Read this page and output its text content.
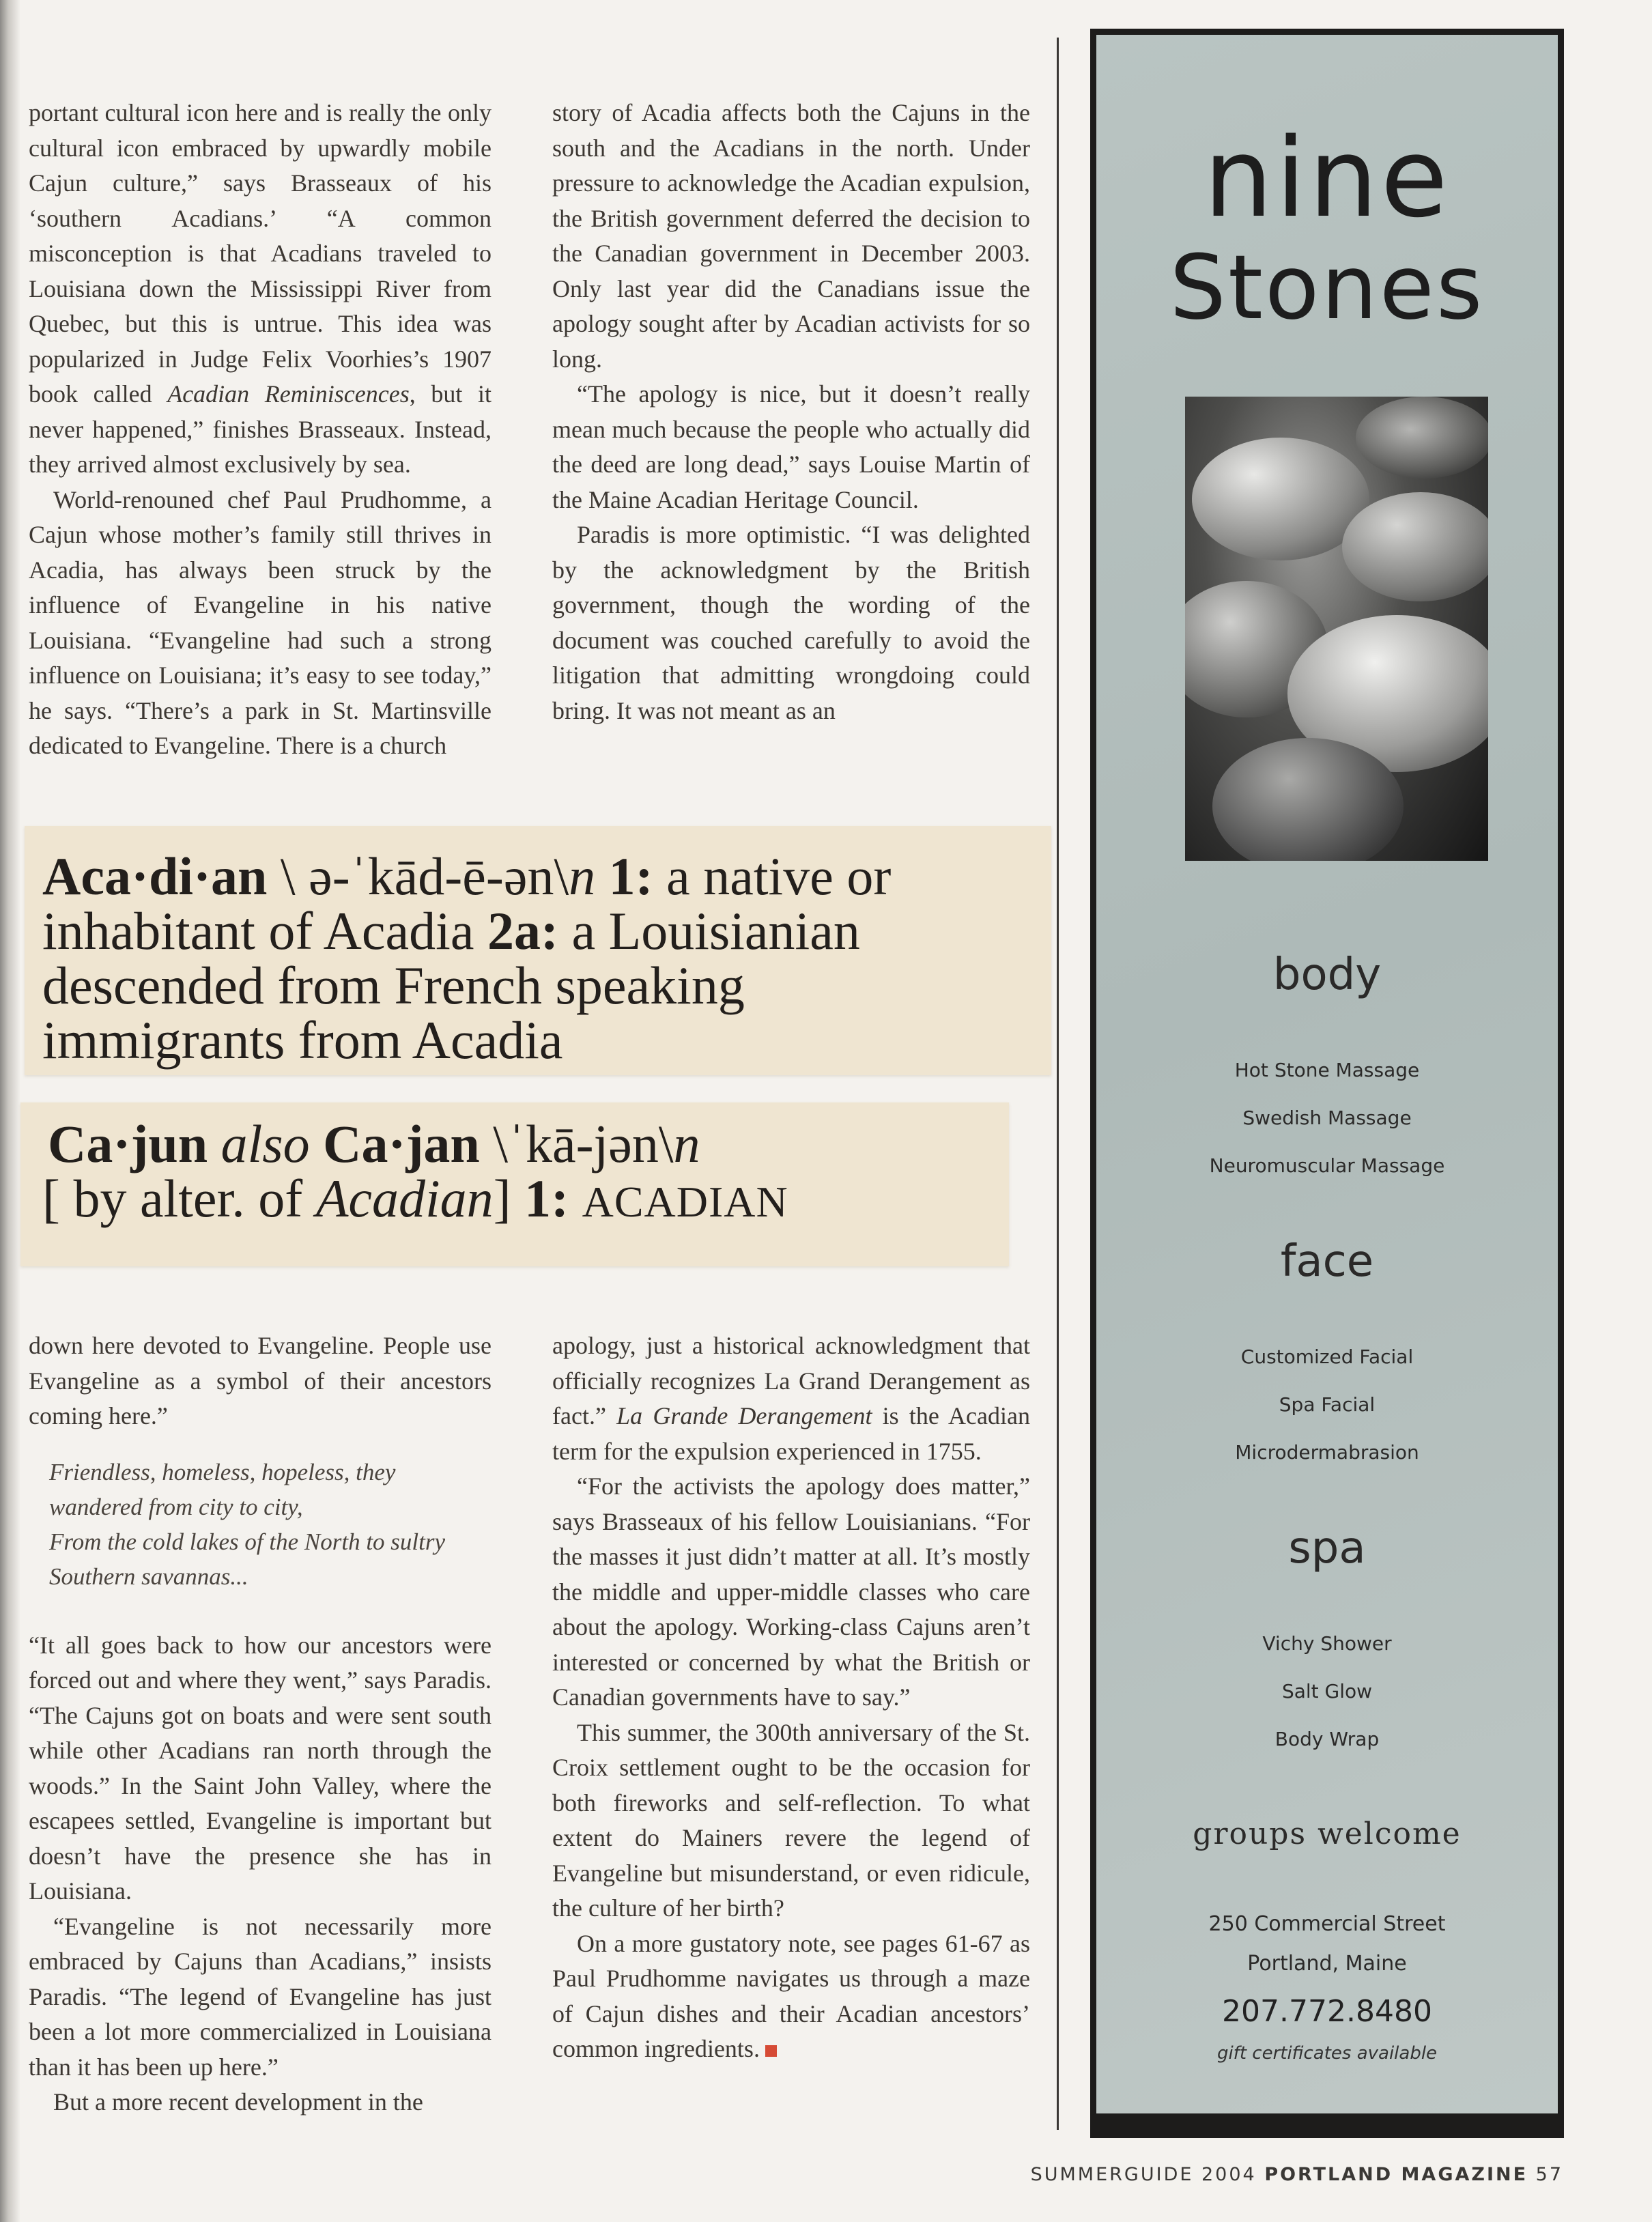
portant cultural icon here and is really the only cultural icon embraced by upwardly mobile Cajun culture,” says Brasseaux of his ‘southern Acadians.’ “A common misconception is that Acadians traveled to Louisiana down the Mississippi River from Quebec, but this is untrue. This idea was popularized in Judge Felix Voorhies’s 1907 book called Acadian Reminiscences, but it never happened,” finishes Brasseaux. Instead, they arrived almost exclusively by sea.

World-renouned chef Paul Prudhomme, a Cajun whose mother’s family still thrives in Acadia, has always been struck by the influence of Evangeline in his native Louisiana. “Evangeline had such a strong influence on Louisiana; it’s easy to see today,” he says. “There’s a park in St. Martinsville dedicated to Evangeline. There is a church

story of Acadia affects both the Cajuns in the south and the Acadians in the north. Under pressure to acknowledge the Acadian expulsion, the British government deferred the decision to the Canadian government in December 2003. Only last year did the Canadians issue the apology sought after by Acadian activists for so long.

“The apology is nice, but it doesn’t really mean much because the people who actually did the deed are long dead,” says Louise Martin of the Maine Acadian Heritage Council.

Paradis is more optimistic. “I was delighted by the acknowledgment by the British government, though the wording of the document was couched carefully to avoid the litigation that admitting wrongdoing could bring. It was not meant as an

Aca·di·an \ ə-ˈkād-ē-ən\n 1: a native or
inhabitant of Acadia 2a: a Louisianian
descended from French speaking
immigrants from Acadia
Ca·jun also Ca·jan \ˈkā-jən\n
[ by alter. of Acadian] 1: ACADIAN

down here devoted to Evangeline. People use Evangeline as a symbol of their ancestors coming here.”

Friendless, homeless, hopeless, they
wandered from city to city,
From the cold lakes of the North to sultry
Southern savannas...

“It all goes back to how our ancestors were forced out and where they went,” says Paradis. “The Cajuns got on boats and were sent south while other Acadians ran north through the woods.” In the Saint John Valley, where the escapees settled, Evangeline is important but doesn’t have the presence she has in Louisiana.

“Evangeline is not necessarily more embraced by Cajuns than Acadians,” insists Paradis. “The legend of Evangeline has just been a lot more commercialized in Louisiana than it has been up here.”

But a more recent development in the

apology, just a historical acknowledgment that officially recognizes La Grand Derangement as fact.” La Grande Derangement is the Acadian term for the expulsion experienced in 1755.

“For the activists the apology does matter,” says Brasseaux of his fellow Louisianians. “For the masses it just didn’t matter at all. It’s mostly the middle and upper-middle classes who care about the apology. Working-class Cajuns aren’t interested or concerned by what the British or Canadian governments have to say.”

This summer, the 300th anniversary of the St. Croix settlement ought to be the occasion for both fireworks and self-reflection. To what extent do Mainers revere the legend of Evangeline but misunderstand, or even ridicule, the culture of her birth?

On a more gustatory note, see pages 61-67 as Paul Prudhomme navigates us through a maze of Cajun dishes and their Acadian ancestors’ common ingredients.

nine
Stones
body
Hot Stone Massage
Swedish Massage
Neuromuscular Massage
face
Customized Facial
Spa Facial
Microdermabrasion
spa
Vichy Shower
Salt Glow
Body Wrap
groups welcome
250 Commercial Street
Portland, Maine
207.772.8480
gift certificates available
SUMMERGUIDE 2004 PORTLAND MAGAZINE 57
